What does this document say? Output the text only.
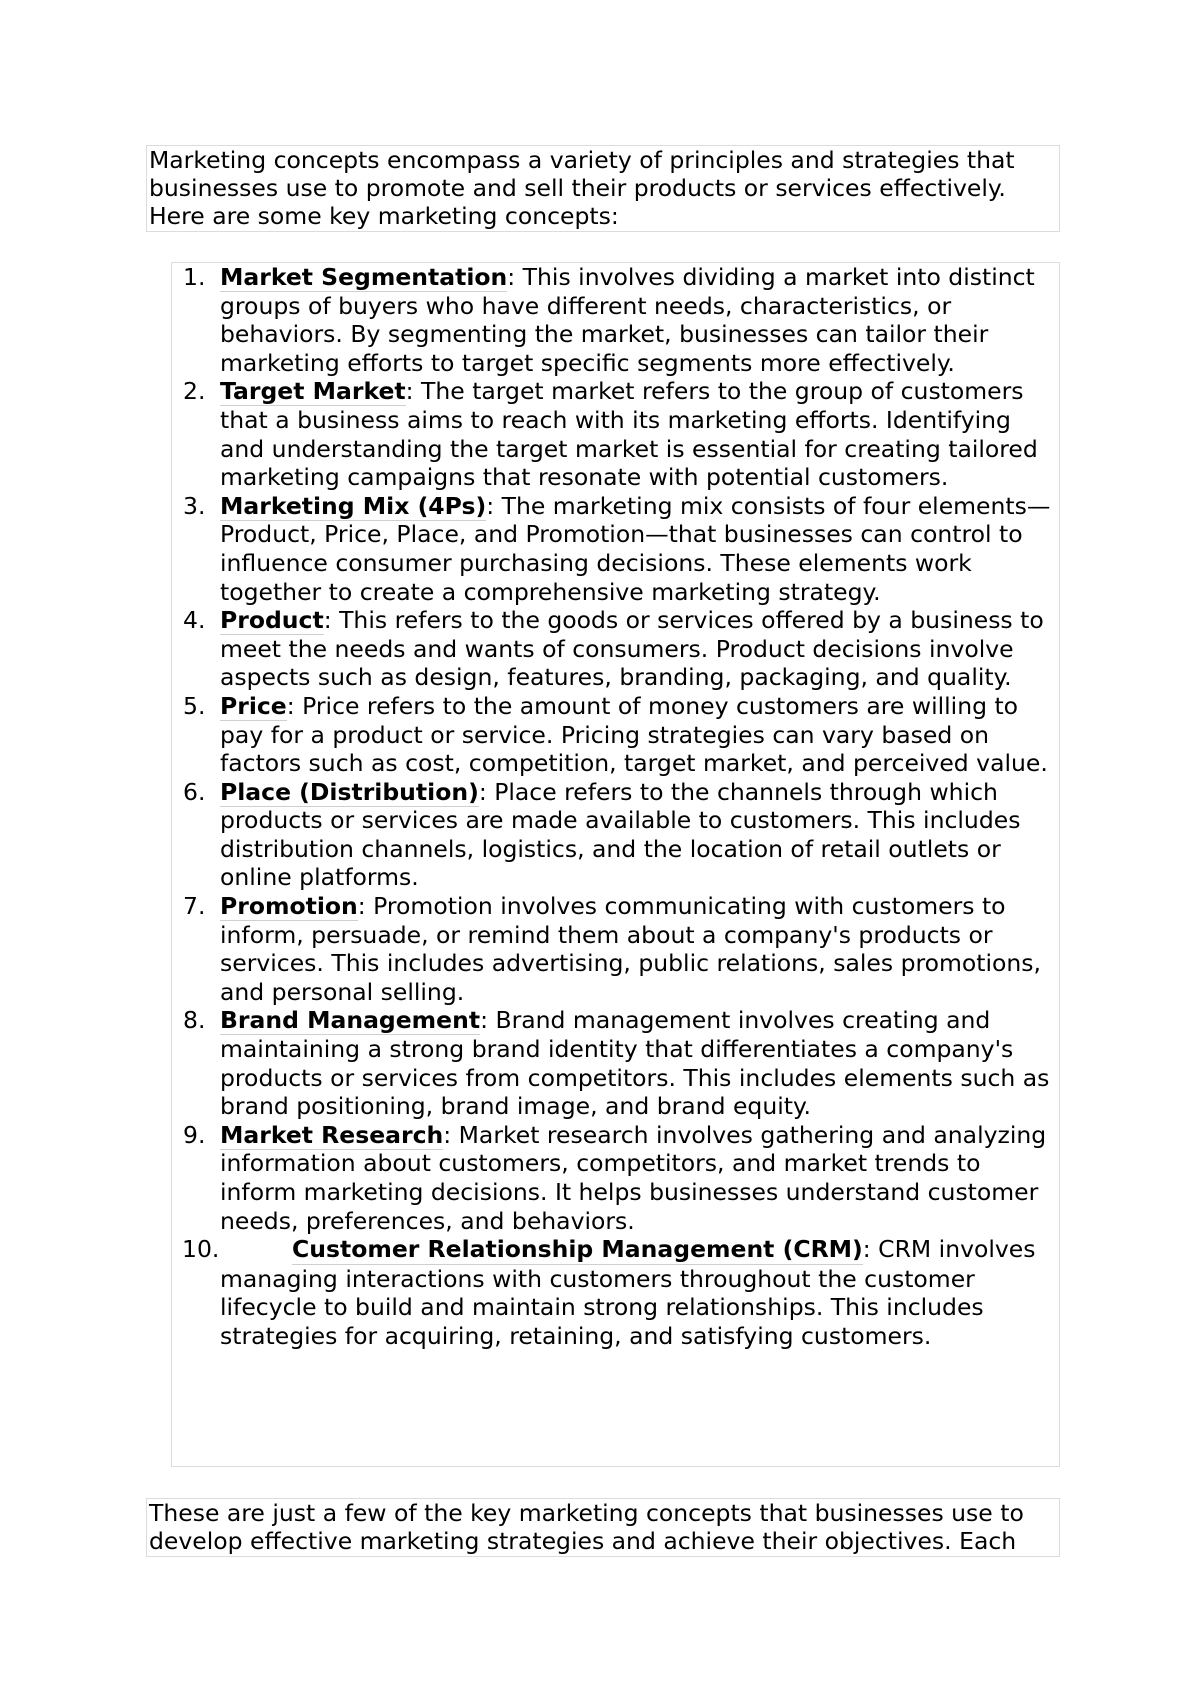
Marketing concepts encompass a variety of principles and strategies that businesses use to promote and sell their products or services effectively. Here are some key marketing concepts:

1. Market Segmentation: This involves dividing a market into distinct groups of buyers who have different needs, characteristics, or behaviors. By segmenting the market, businesses can tailor their marketing efforts to target specific segments more effectively.
2. Target Market: The target market refers to the group of customers that a business aims to reach with its marketing efforts. Identifying and understanding the target market is essential for creating tailored marketing campaigns that resonate with potential customers.
3. Marketing Mix (4Ps): The marketing mix consists of four elements—Product, Price, Place, and Promotion—that businesses can control to influence consumer purchasing decisions. These elements work together to create a comprehensive marketing strategy.
4. Product: This refers to the goods or services offered by a business to meet the needs and wants of consumers. Product decisions involve aspects such as design, features, branding, packaging, and quality.
5. Price: Price refers to the amount of money customers are willing to pay for a product or service. Pricing strategies can vary based on factors such as cost, competition, target market, and perceived value.
6. Place (Distribution): Place refers to the channels through which products or services are made available to customers. This includes distribution channels, logistics, and the location of retail outlets or online platforms.
7. Promotion: Promotion involves communicating with customers to inform, persuade, or remind them about a company's products or services. This includes advertising, public relations, sales promotions, and personal selling.
8. Brand Management: Brand management involves creating and maintaining a strong brand identity that differentiates a company's products or services from competitors. This includes elements such as brand positioning, brand image, and brand equity.
9. Market Research: Market research involves gathering and analyzing information about customers, competitors, and market trends to inform marketing decisions. It helps businesses understand customer needs, preferences, and behaviors.
10.	Customer Relationship Management (CRM): CRM involves managing interactions with customers throughout the customer lifecycle to build and maintain strong relationships. This includes strategies for acquiring, retaining, and satisfying customers.

These are just a few of the key marketing concepts that businesses use to develop effective marketing strategies and achieve their objectives. Each
